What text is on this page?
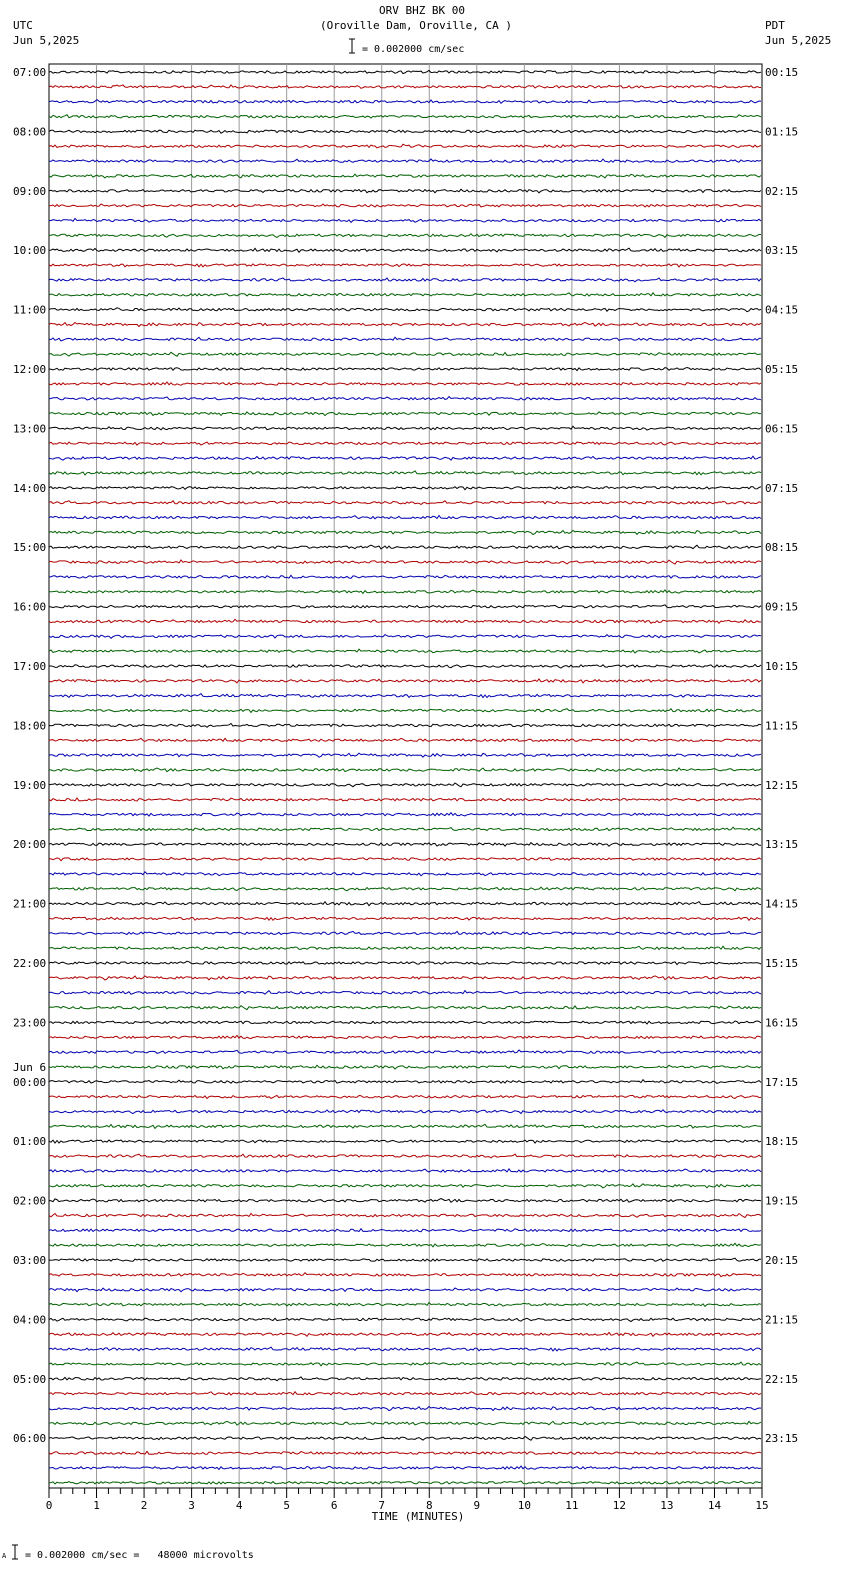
ORV BHZ BK 00
(Oroville Dam, Oroville, CA )
UTC
Jun 5,2025
PDT
Jun 5,2025
= 0.002000 cm/sec
07:00
08:00
09:00
10:00
11:00
12:00
13:00
14:00
15:00
16:00
17:00
18:00
19:00
20:00
21:00
22:00
23:00
00:00
01:00
02:00
03:00
04:00
05:00
06:00
00:15
01:15
02:15
03:15
04:15
05:15
06:15
07:15
08:15
09:15
10:15
11:15
12:15
13:15
14:15
15:15
16:15
17:15
18:15
19:15
20:15
21:15
22:15
23:15
Jun 6
0	1	2	3	4	5	6	7	8	9	10	11	12	13	14	15
TIME (MINUTES)
A = 0.002000 cm/sec =   48000 microvolts
